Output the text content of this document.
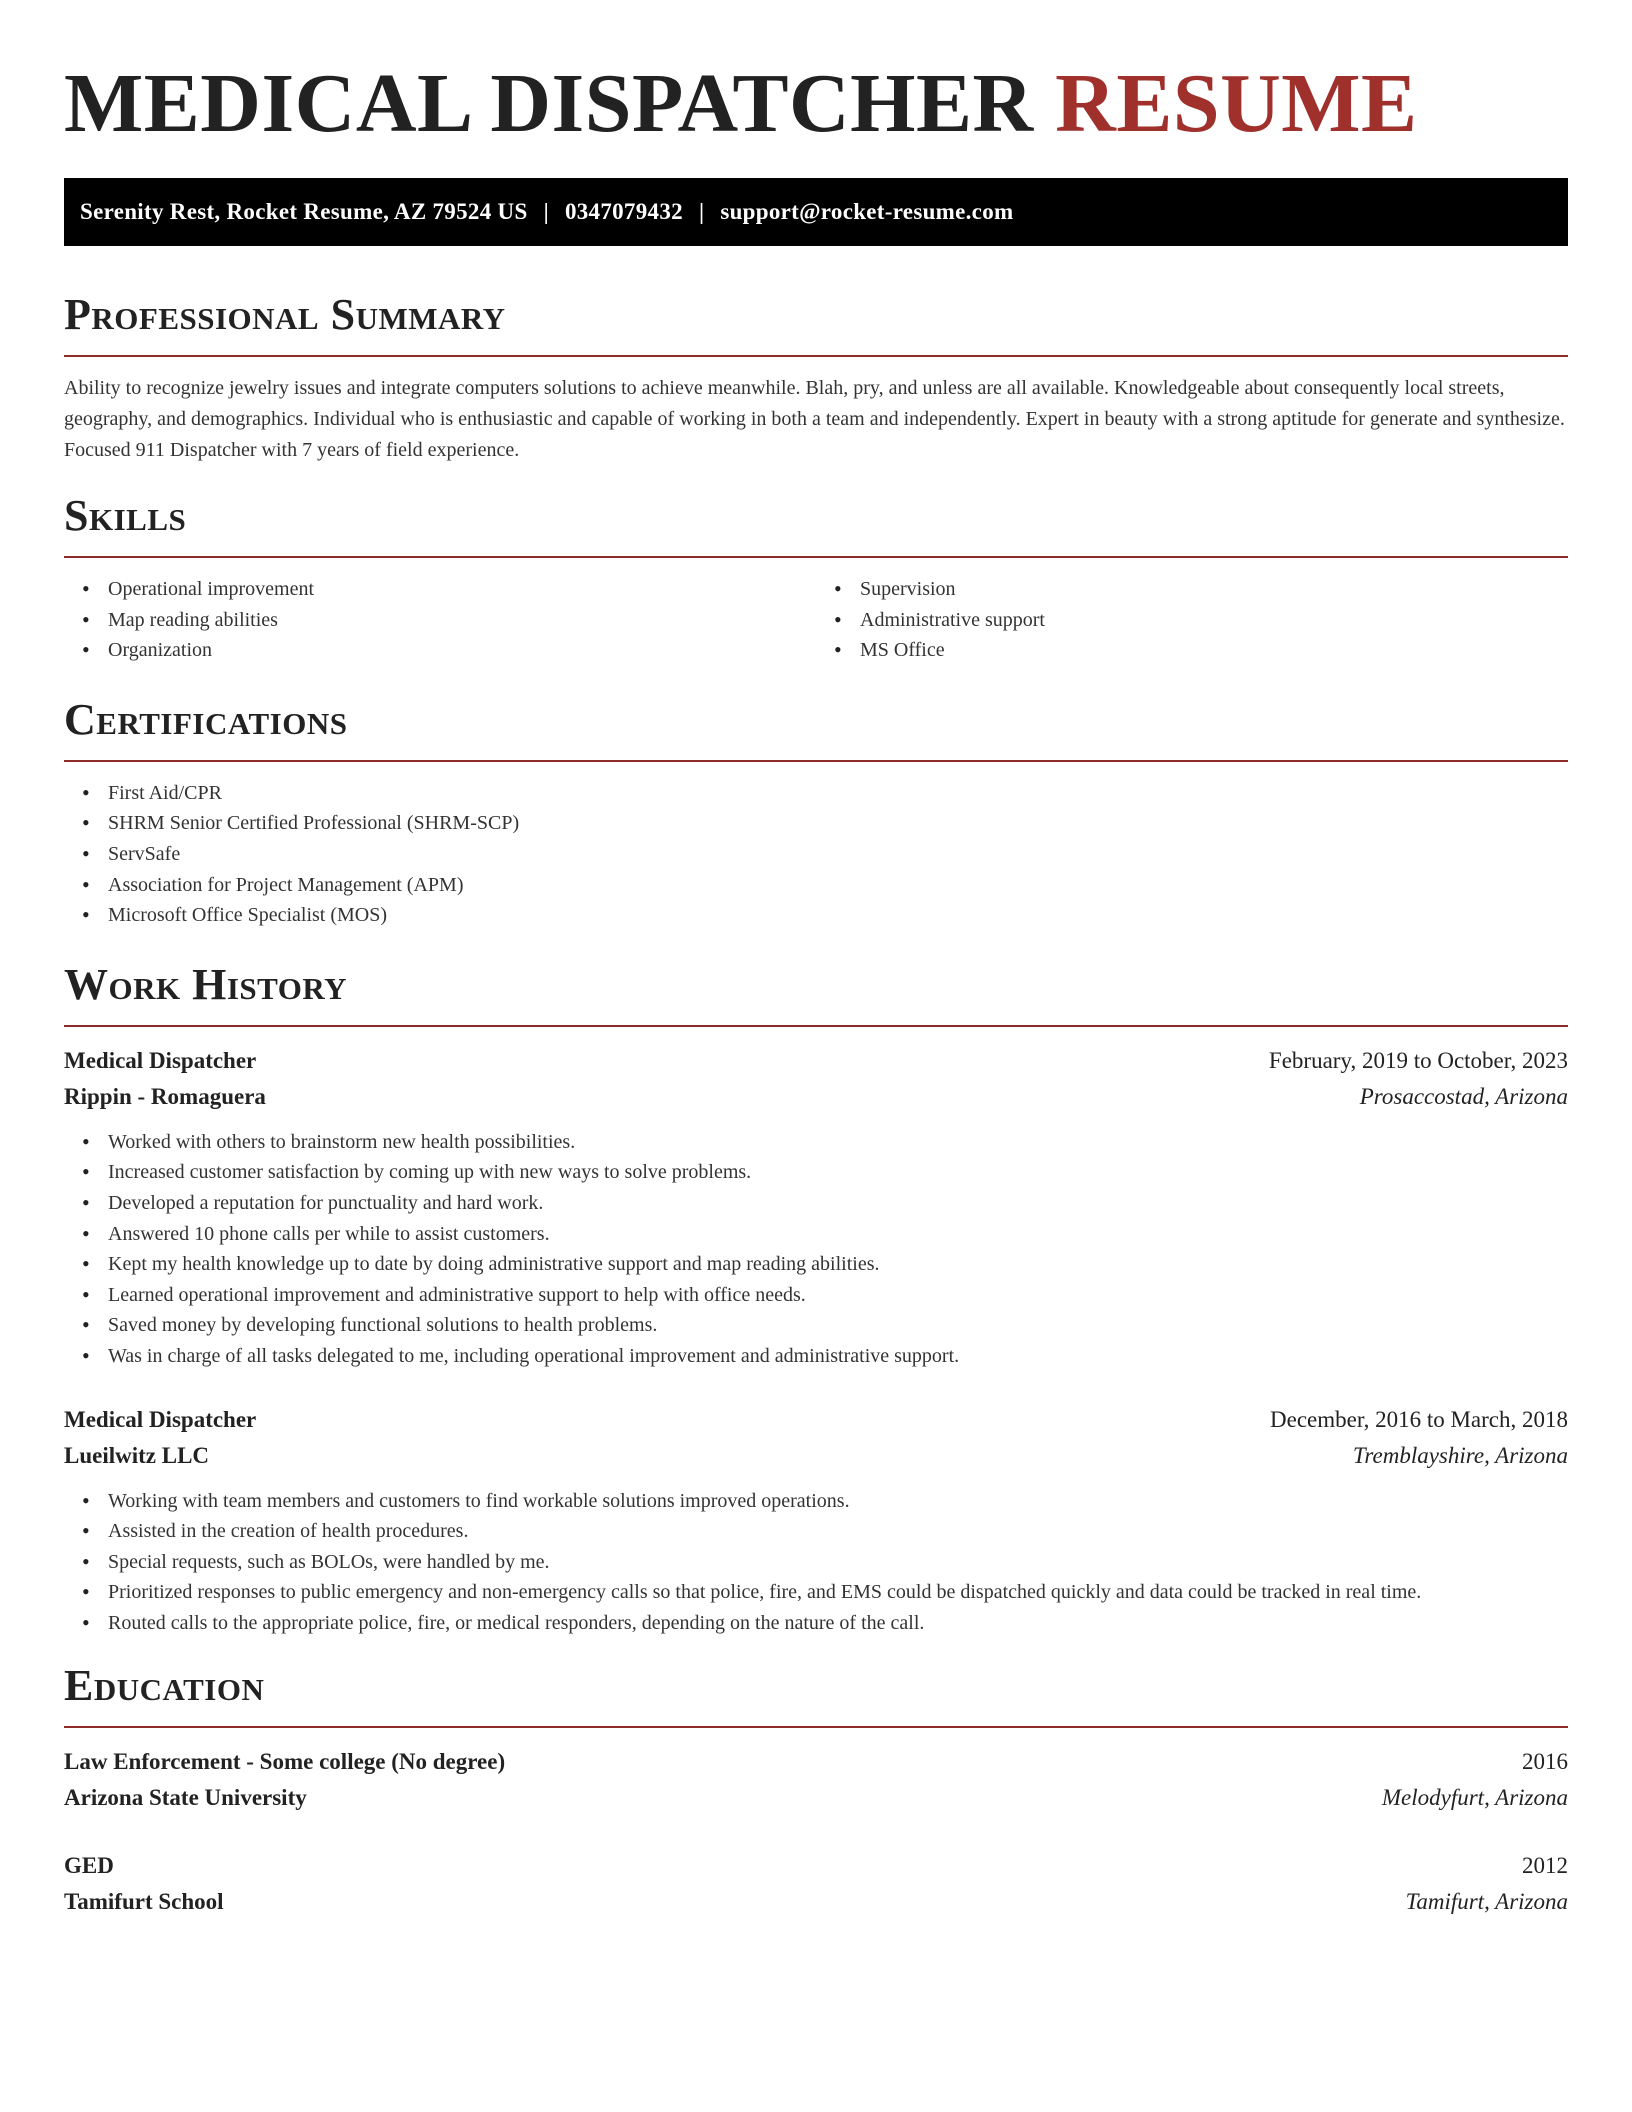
MEDICAL DISPATCHER RESUME
Serenity Rest, Rocket Resume, AZ 79524 US | 0347079432 | support@rocket-resume.com
Professional Summary

Ability to recognize jewelry issues and integrate computers solutions to achieve meanwhile. Blah, pry, and unless are all available. Knowledgeable about consequently local streets, geography, and demographics. Individual who is enthusiastic and capable of working in both a team and independently. Expert in beauty with a strong aptitude for generate and synthesize. Focused 911 Dispatcher with 7 years of field experience.

Skills
• Operational improvement
• Map reading abilities
• Organization
• Supervision
• Administrative support
• MS Office
Certifications
• First Aid/CPR
• SHRM Senior Certified Professional (SHRM-SCP)
• ServSafe
• Association for Project Management (APM)
• Microsoft Office Specialist (MOS)
Work History
Medical Dispatcher	February, 2019 to October, 2023
Rippin - Romaguera	Prosaccostad, Arizona
• Worked with others to brainstorm new health possibilities.
• Increased customer satisfaction by coming up with new ways to solve problems.
• Developed a reputation for punctuality and hard work.
• Answered 10 phone calls per while to assist customers.
• Kept my health knowledge up to date by doing administrative support and map reading abilities.
• Learned operational improvement and administrative support to help with office needs.
• Saved money by developing functional solutions to health problems.
• Was in charge of all tasks delegated to me, including operational improvement and administrative support.
Medical Dispatcher	December, 2016 to March, 2018
Lueilwitz LLC	Tremblayshire, Arizona
• Working with team members and customers to find workable solutions improved operations.
• Assisted in the creation of health procedures.
• Special requests, such as BOLOs, were handled by me.
• Prioritized responses to public emergency and non-emergency calls so that police, fire, and EMS could be dispatched quickly and data could be tracked in real time.
• Routed calls to the appropriate police, fire, or medical responders, depending on the nature of the call.
Education
Law Enforcement - Some college (No degree)	2016
Arizona State University	Melodyfurt, Arizona
GED	2012
Tamifurt School	Tamifurt, Arizona
